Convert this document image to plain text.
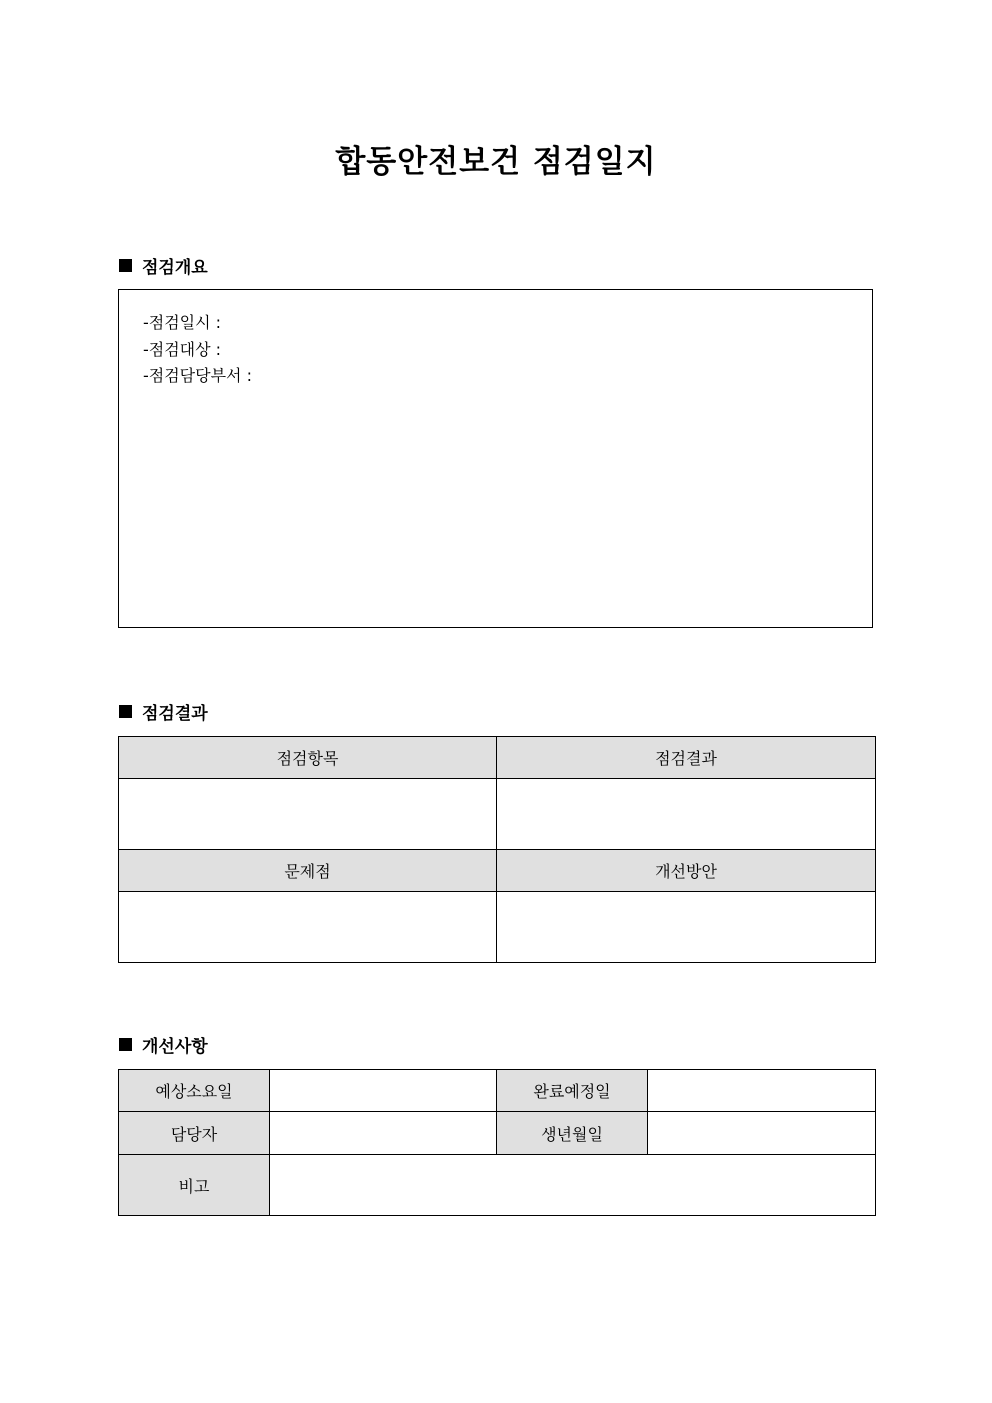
합동안전보건 점검일지
점검개요
-점검일시 :
-점검대상 :
-점검담당부서 :
점검결과
점검항목	점검결과

문제점	개선방안

개선사항
예상소요일		완료예정일	
담당자		생년월일	
비고			
